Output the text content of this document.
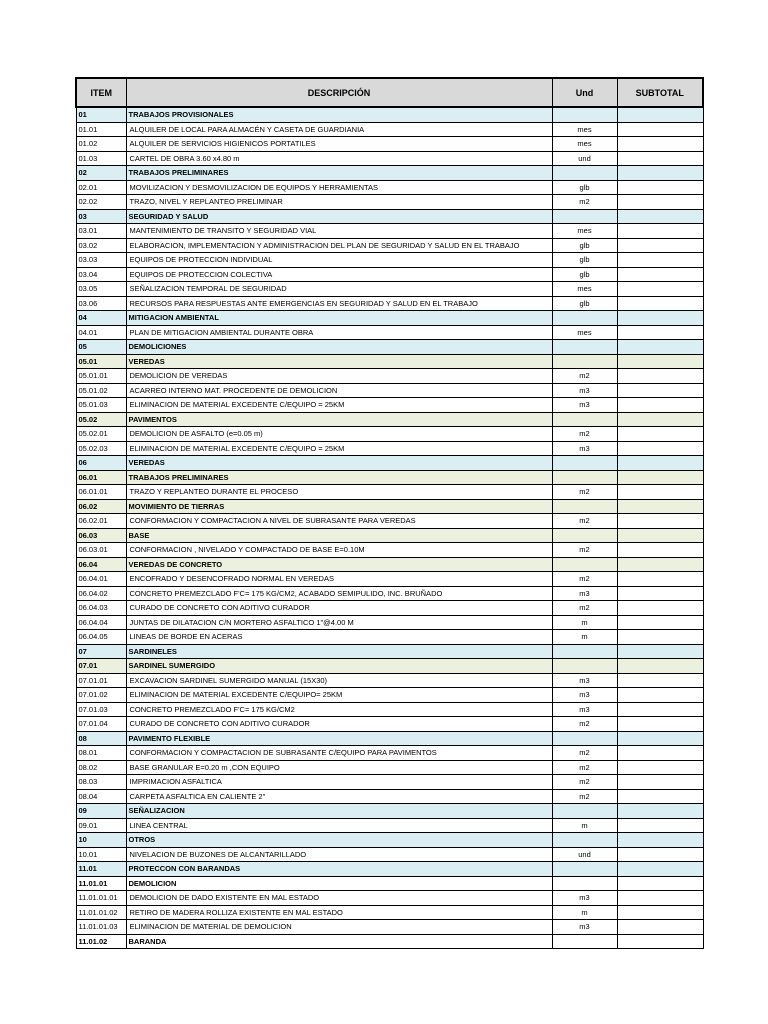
ITEM	DESCRIPCIÓN	Und	SUBTOTAL
01	TRABAJOS PROVISIONALES		
01.01	ALQUILER DE LOCAL PARA ALMACÉN Y CASETA DE GUARDIANIA	mes	
01.02	ALQUILER DE SERVICIOS HIGIENICOS PORTATILES	mes	
01.03	CARTEL DE OBRA 3.60 x4.80 m	und	
02	TRABAJOS PRELIMINARES		
02.01	MOVILIZACION Y DESMOVILIZACION DE EQUIPOS Y HERRAMIENTAS	glb	
02.02	TRAZO, NIVEL Y REPLANTEO PRELIMINAR	m2	
03	SEGURIDAD Y SALUD		
03.01	MANTENIMIENTO DE TRANSITO Y SEGURIDAD VIAL	mes	
03.02	ELABORACION, IMPLEMENTACION Y ADMINISTRACION DEL PLAN DE SEGURIDAD Y SALUD EN EL TRABAJO	glb	
03.03	EQUIPOS DE PROTECCION INDIVIDUAL	glb	
03.04	EQUIPOS DE PROTECCION COLECTIVA	glb	
03.05	SEÑALIZACION TEMPORAL DE SEGURIDAD	mes	
03.06	RECURSOS PARA RESPUESTAS ANTE EMERGENCIAS EN SEGURIDAD Y SALUD EN EL TRABAJO	glb	
04	MITIGACION AMBIENTAL		
04.01	PLAN DE MITIGACION AMBIENTAL DURANTE OBRA	mes	
05	DEMOLICIONES		
05.01	VEREDAS		
05.01.01	DEMOLICION DE VEREDAS	m2	
05.01.02	ACARREO INTERNO MAT. PROCEDENTE DE DEMOLICION	m3	
05.01.03	ELIMINACION DE MATERIAL EXCEDENTE C/EQUIPO = 25KM	m3	
05.02	PAVIMENTOS		
05.02.01	DEMOLICION DE ASFALTO (e=0.05 m)	m2	
05.02.03	ELIMINACION DE MATERIAL EXCEDENTE C/EQUIPO = 25KM	m3	
06	VEREDAS		
06.01	TRABAJOS PRELIMINARES		
06.01.01	TRAZO Y REPLANTEO DURANTE EL PROCESO	m2	
06.02	MOVIMIENTO DE TIERRAS		
06.02.01	CONFORMACION Y COMPACTACION A NIVEL DE SUBRASANTE PARA VEREDAS	m2	
06.03	BASE		
06.03.01	CONFORMACION , NIVELADO Y COMPACTADO DE BASE E=0.10M	m2	
06.04	VEREDAS DE CONCRETO		
06.04.01	ENCOFRADO Y DESENCOFRADO NORMAL EN VEREDAS	m2	
06.04.02	CONCRETO PREMEZCLADO F'C= 175 KG/CM2, ACABADO SEMIPULIDO, INC. BRUÑADO	m3	
06.04.03	CURADO DE CONCRETO CON ADITIVO CURADOR	m2	
06.04.04	JUNTAS DE DILATACION C/N MORTERO ASFALTICO 1"@4.00 M	m	
06.04.05	LINEAS DE BORDE EN ACERAS	m	
07	SARDINELES		
07.01	SARDINEL SUMERGIDO		
07.01.01	EXCAVACION SARDINEL SUMERGIDO MANUAL (15X30)	m3	
07.01.02	ELIMINACION DE MATERIAL EXCEDENTE C/EQUIPO= 25KM	m3	
07.01.03	CONCRETO PREMEZCLADO F'C= 175 KG/CM2	m3	
07.01.04	CURADO DE CONCRETO CON ADITIVO CURADOR	m2	
08	PAVIMENTO FLEXIBLE		
08.01	CONFORMACION Y COMPACTACION DE SUBRASANTE C/EQUIPO PARA PAVIMENTOS	m2	
08.02	BASE GRANULAR E=0.20 m ,CON EQUIPO	m2	
08.03	IMPRIMACION ASFALTICA	m2	
08.04	CARPETA ASFALTICA EN CALIENTE 2"	m2	
09	SEÑALIZACION		
09.01	LINEA CENTRAL	m	
10	OTROS		
10.01	NIVELACION DE BUZONES DE ALCANTARILLADO	und	
11.01	PROTECCON CON BARANDAS		
11.01.01	DEMOLICION		
11.01.01.01	DEMOLICION DE DADO EXISTENTE EN MAL ESTADO	m3	
11.01.01.02	RETIRO DE MADERA ROLLIZA EXISTENTE EN MAL ESTADO	m	
11.01.01.03	ELIMINACION DE MATERIAL DE DEMOLICION	m3	
11.01.02	BARANDA		
